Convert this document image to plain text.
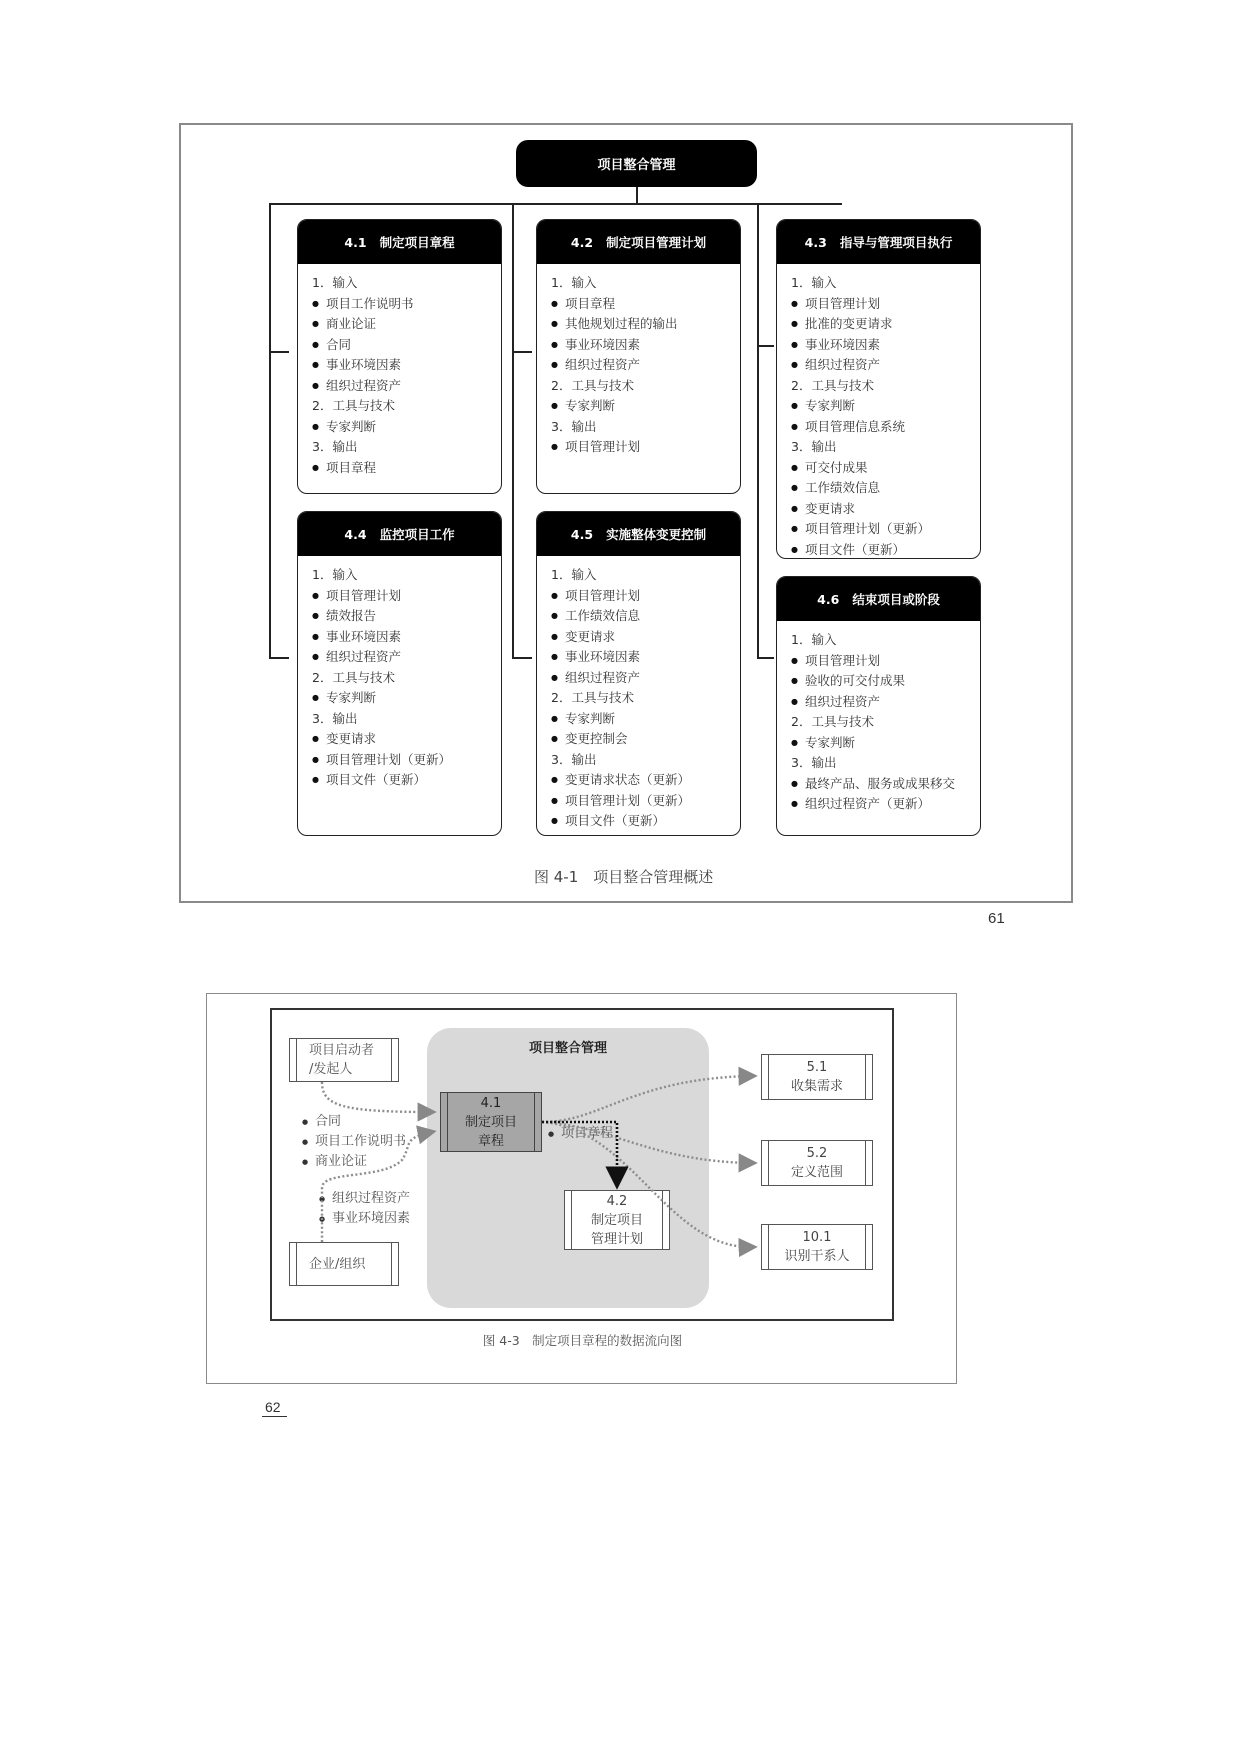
项目整合管理
4.1 制定项目章程
1．输入
● 项目工作说明书
● 商业论证
● 合同
● 事业环境因素
● 组织过程资产
2．工具与技术
● 专家判断
3．输出
● 项目章程
4.2 制定项目管理计划
1．输入
● 项目章程
● 其他规划过程的输出
● 事业环境因素
● 组织过程资产
2．工具与技术
● 专家判断
3．输出
● 项目管理计划
4.3 指导与管理项目执行
1．输入
● 项目管理计划
● 批准的变更请求
● 事业环境因素
● 组织过程资产
2．工具与技术
● 专家判断
● 项目管理信息系统
3．输出
● 可交付成果
● 工作绩效信息
● 变更请求
● 项目管理计划（更新）
● 项目文件（更新）
4.4 监控项目工作
1．输入
● 项目管理计划
● 绩效报告
● 事业环境因素
● 组织过程资产
2．工具与技术
● 专家判断
3．输出
● 变更请求
● 项目管理计划（更新）
● 项目文件（更新）
4.5 实施整体变更控制
1．输入
● 项目管理计划
● 工作绩效信息
● 变更请求
● 事业环境因素
● 组织过程资产
2．工具与技术
● 专家判断
● 变更控制会
3．输出
● 变更请求状态（更新）
● 项目管理计划（更新）
● 项目文件（更新）
4.6 结束项目或阶段
1．输入
● 项目管理计划
● 验收的可交付成果
● 组织过程资产
2．工具与技术
● 专家判断
3．输出
● 最终产品、服务或成果移交
● 组织过程资产（更新）
图 4-1　项目整合管理概述
61
项目整合管理
项目启动者
/发起人
企业/组织
● 合同
● 项目工作说明书
● 商业论证
● 组织过程资产
● 事业环境因素
4.1
制定项目
章程
● 项目章程
4.2
制定项目
管理计划
5.1
收集需求
5.2
定义范围
10.1
识别干系人
图 4-3　制定项目章程的数据流向图
62
